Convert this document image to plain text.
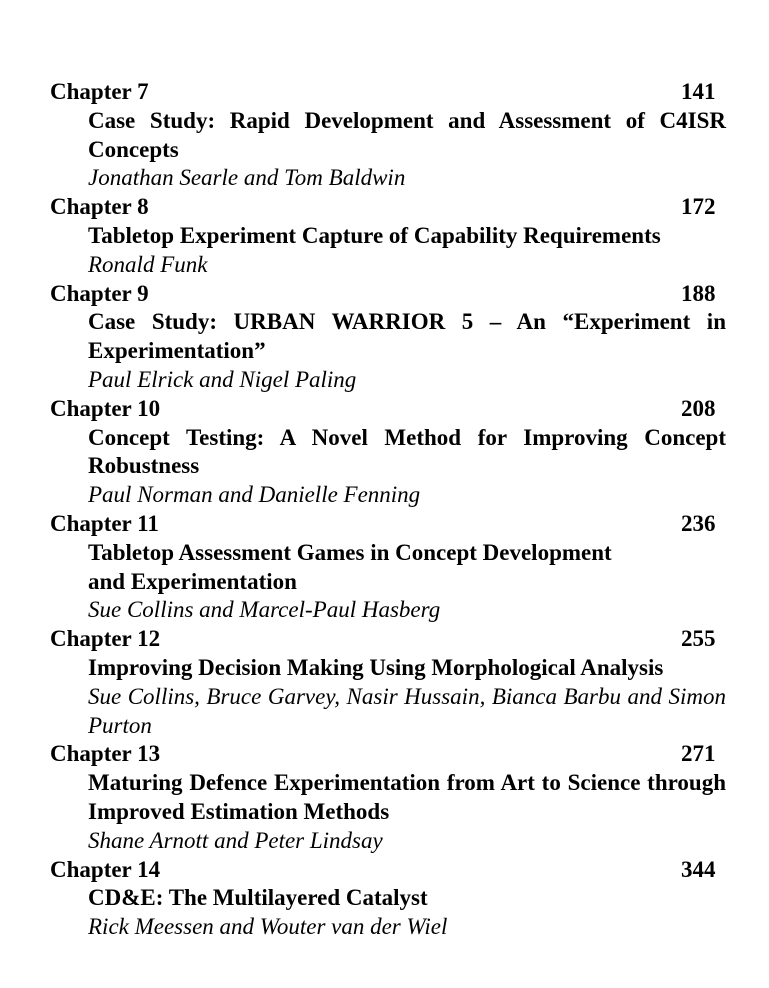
Chapter 7	141
Case Study: Rapid Development and Assessment of C4ISR Concepts
Jonathan Searle and Tom Baldwin
Chapter 8	172
Tabletop Experiment Capture of Capability Requirements
Ronald Funk
Chapter 9	188
Case Study: URBAN WARRIOR 5 – An “Experiment in Experimentation”
Paul Elrick and Nigel Paling
Chapter 10	208
Concept Testing: A Novel Method for Improving Concept Robustness
Paul Norman and Danielle Fenning
Chapter 11	236
Tabletop Assessment Games in Concept Development
and Experimentation
Sue Collins and Marcel-Paul Hasberg
Chapter 12	255
Improving Decision Making Using Morphological Analysis
Sue Collins, Bruce Garvey, Nasir Hussain, Bianca Barbu and Simon Purton
Chapter 13	271
Maturing Defence Experimentation from Art to Science through Improved Estimation Methods
Shane Arnott and Peter Lindsay
Chapter 14	344
CD&E: The Multilayered Catalyst
Rick Meessen and Wouter van der Wiel
